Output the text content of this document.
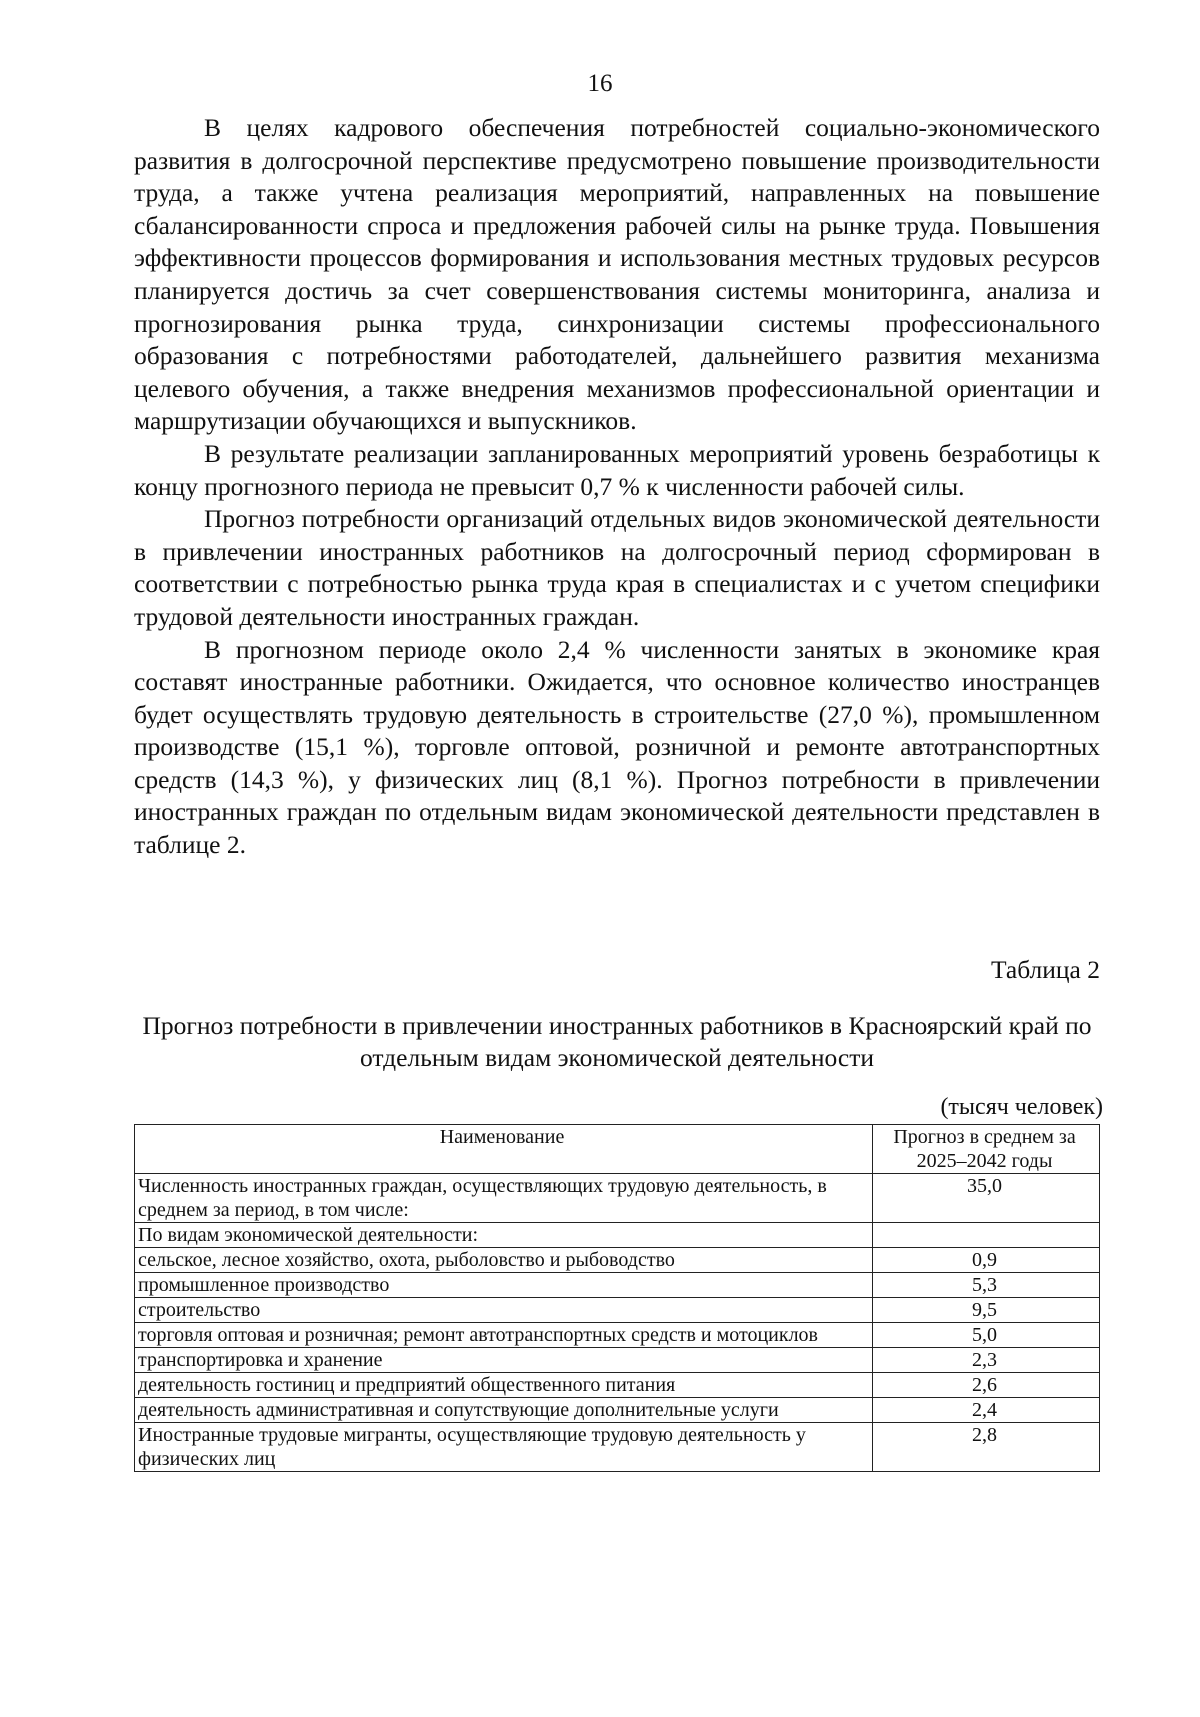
16

В целях кадрового обеспечения потребностей социально-экономического развития в долгосрочной перспективе предусмотрено повышение производительности труда, а также учтена реализация мероприятий, направленных на повышение сбалансированности спроса и предложения рабочей силы на рынке труда. Повышения эффективности процессов формирования и использования местных трудовых ресурсов планируется достичь за счет совершенствования системы мониторинга, анализа и прогнозирования рынка труда, синхронизации системы профессионального образования с потребностями работодателей, дальнейшего развития механизма целевого обучения, а также внедрения механизмов профессиональной ориентации и маршрутизации обучающихся и выпускников.

В результате реализации запланированных мероприятий уровень безработицы к концу прогнозного периода не превысит 0,7 % к численности рабочей силы.

Прогноз потребности организаций отдельных видов экономической деятельности в привлечении иностранных работников на долгосрочный период сформирован в соответствии с потребностью рынка труда края в специалистах и с учетом специфики трудовой деятельности иностранных граждан.

В прогнозном периоде около 2,4 % численности занятых в экономике края составят иностранные работники. Ожидается, что основное количество иностранцев будет осуществлять трудовую деятельность в строительстве (27,0 %), промышленном производстве (15,1 %), торговле оптовой, розничной и ремонте автотранспортных средств (14,3 %), у физических лиц (8,1 %). Прогноз потребности в привлечении иностранных граждан по отдельным видам экономической деятельности представлен в таблице 2.

Таблица 2
Прогноз потребности в привлечении иностранных работников в Красноярский край по отдельным видам экономической деятельности
(тысяч человек)
Наименование	Прогноз в среднем за 2025–2042 годы
Численность иностранных граждан, осуществляющих трудовую деятельность, в среднем за период, в том числе:	35,0
По видам экономической деятельности:	
сельское, лесное хозяйство, охота, рыболовство и рыбоводство	0,9
промышленное производство	5,3
строительство	9,5
торговля оптовая и розничная; ремонт автотранспортных средств и мотоциклов	5,0
транспортировка и хранение	2,3
деятельность гостиниц и предприятий общественного питания	2,6
деятельность административная и сопутствующие дополнительные услуги	2,4
Иностранные трудовые мигранты, осуществляющие трудовую деятельность у физических лиц	2,8
